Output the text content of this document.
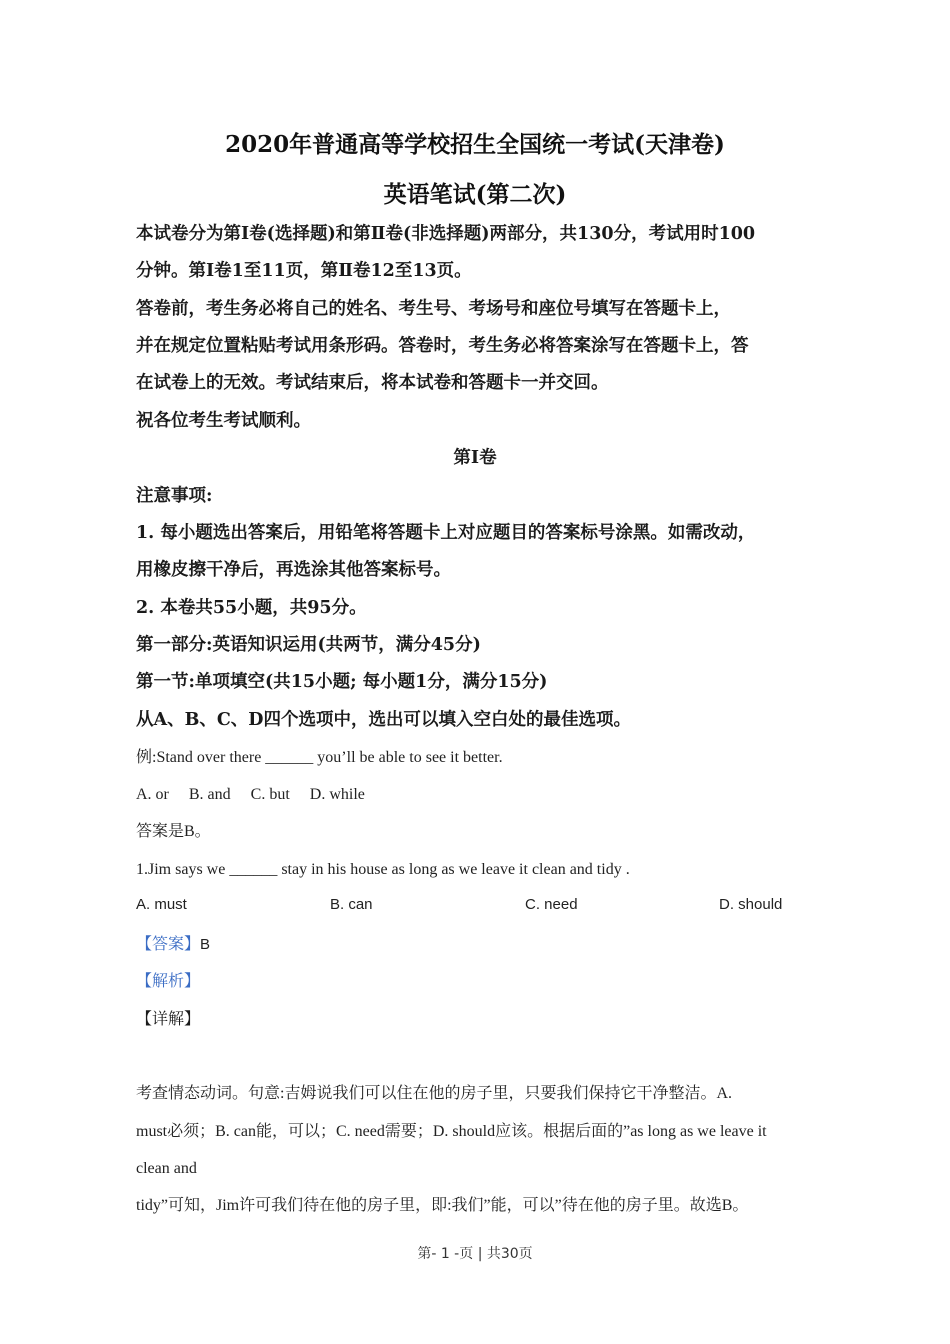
2020年普通高等学校招生全国统一考试(天津卷)
英语笔试(第二次)
本试卷分为第Ⅰ卷(选择题)和第Ⅱ卷(非选择题)两部分，共130分，考试用时100
分钟。第Ⅰ卷1至11页，第Ⅱ卷12至13页。
答卷前，考生务必将自己的姓名、考生号、考场号和座位号填写在答题卡上，
并在规定位置粘贴考试用条形码。答卷时，考生务必将答案涂写在答题卡上，答
在试卷上的无效。考试结束后，将本试卷和答题卡一并交回。
祝各位考生考试顺利。
第Ⅰ卷
注意事项:
1. 每小题选出答案后，用铅笔将答题卡上对应题目的答案标号涂黑。如需改动，
用橡皮擦干净后，再选涂其他答案标号。
2. 本卷共55小题，共95分。
第一部分:英语知识运用(共两节，满分45分)
第一节:单项填空(共15小题; 每小题1分，满分15分)
从A、B、C、D四个选项中，选出可以填入空白处的最佳选项。
例:Stand over there ______ you’ll be able to see it better.
A. or     B. and     C. but     D. while
答案是B。
1.Jim says we ______ stay in his house as long as we leave it clean and tidy .
A. must	B. can	C. need	D. should
【答案】B
【解析】
【详解】
考查情态动词。句意:吉姆说我们可以住在他的房子里，只要我们保持它干净整洁。A.
must必须；B. can能，可以；C. need需要；D. should应该。根据后面的”as long as we leave it
clean and
tidy”可知，Jim许可我们待在他的房子里，即:我们”能，可以”待在他的房子里。故选B。
第- 1 -页 | 共30页
